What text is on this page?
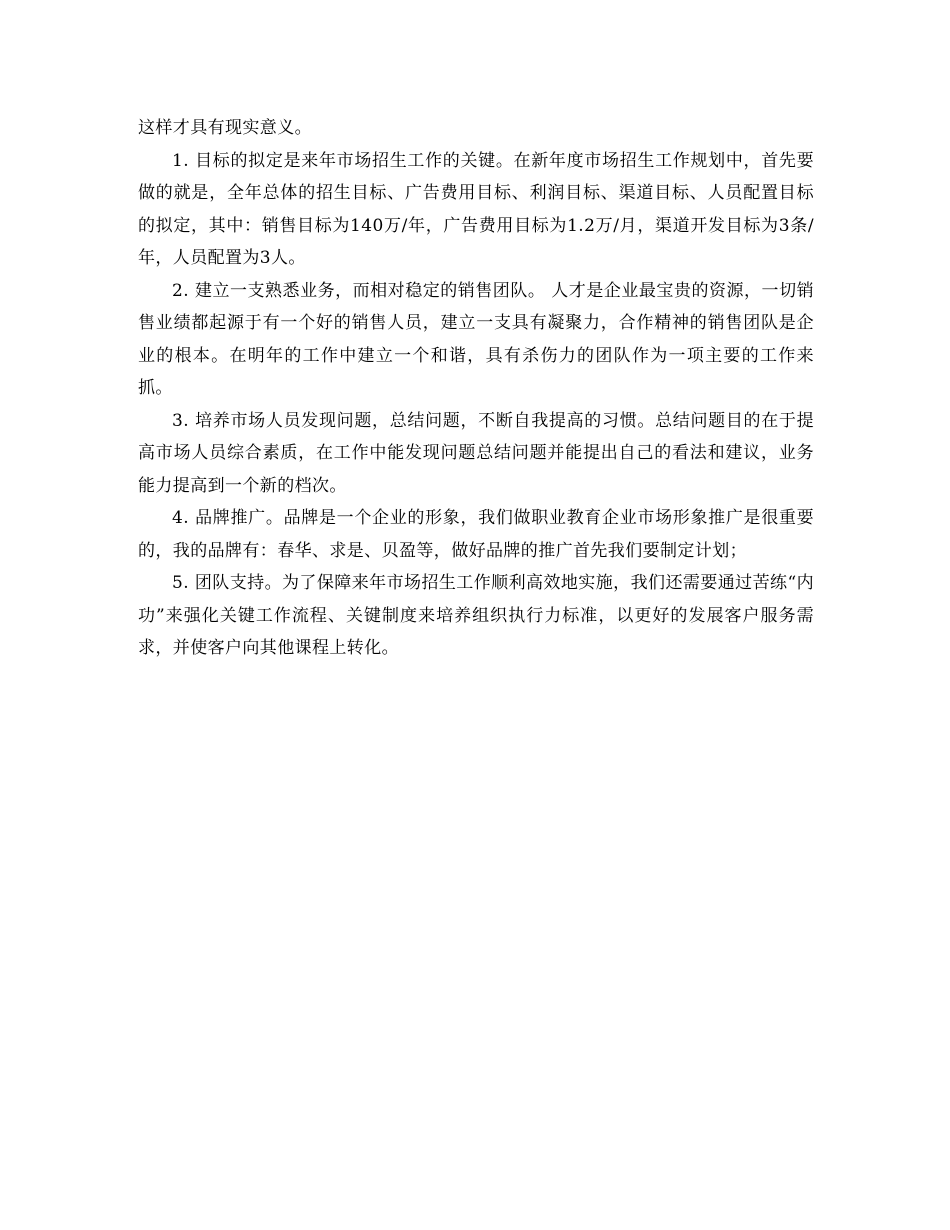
这样才具有现实意义。

1. 目标的拟定是来年市场招生工作的关键。在新年度市场招生工作规划中，首先要做的就是，全年总体的招生目标、广告费用目标、利润目标、渠道目标、人员配置目标的拟定，其中：销售目标为140万/年，广告费用目标为1.2万/月，渠道开发目标为3条/年，人员配置为3人。

2. 建立一支熟悉业务，而相对稳定的销售团队。 人才是企业最宝贵的资源，一切销售业绩都起源于有一个好的销售人员，建立一支具有凝聚力，合作精神的销售团队是企业的根本。在明年的工作中建立一个和谐，具有杀伤力的团队作为一项主要的工作来抓。

3. 培养市场人员发现问题，总结问题，不断自我提高的习惯。总结问题目的在于提高市场人员综合素质，在工作中能发现问题总结问题并能提出自己的看法和建议，业务能力提高到一个新的档次。

4. 品牌推广。品牌是一个企业的形象，我们做职业教育企业市场形象推广是很重要的，我的品牌有：春华、求是、贝盈等，做好品牌的推广首先我们要制定计划；

5. 团队支持。为了保障来年市场招生工作顺利高效地实施，我们还需要通过苦练“内功”来强化关键工作流程、关键制度来培养组织执行力标准，以更好的发展客户服务需求，并使客户向其他课程上转化。
